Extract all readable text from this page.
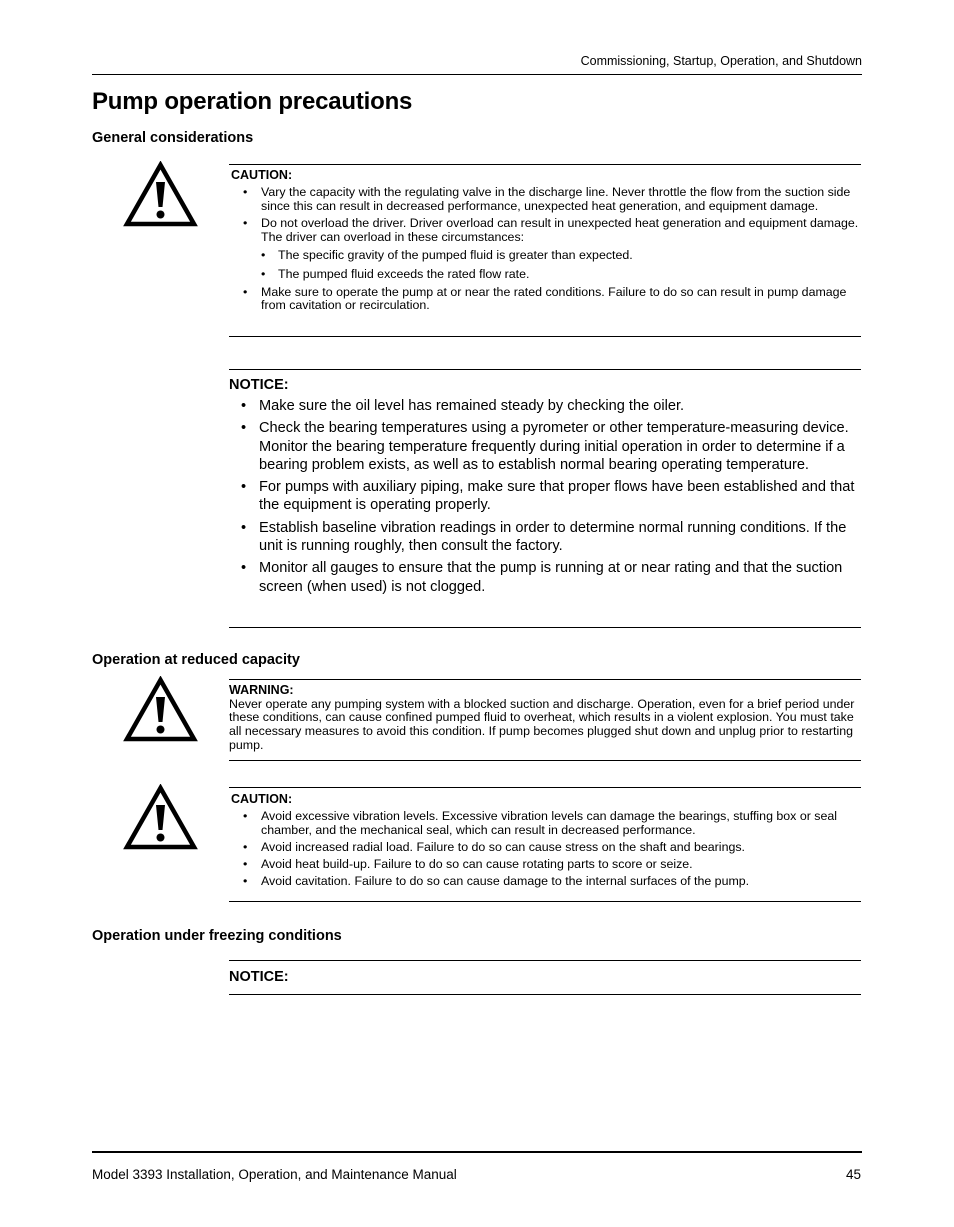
Commissioning, Startup, Operation, and Shutdown
Pump operation precautions
General considerations
CAUTION:
• Vary the capacity with the regulating valve in the discharge line. Never throttle the flow from the suction side since this can result in decreased performance, unexpected heat generation, and equipment damage.
• Do not overload the driver. Driver overload can result in unexpected heat generation and equipment damage. The driver can overload in these circumstances:
• The specific gravity of the pumped fluid is greater than expected.
• The pumped fluid exceeds the rated flow rate.
• Make sure to operate the pump at or near the rated conditions. Failure to do so can result in pump damage from cavitation or recirculation.
NOTICE:
• Make sure the oil level has remained steady by checking the oiler.
• Check the bearing temperatures using a pyrometer or other temperature-measuring device. Monitor the bearing temperature frequently during initial operation in order to determine if a bearing problem exists, as well as to establish normal bearing operating temperature.
• For pumps with auxiliary piping, make sure that proper flows have been established and that the equipment is operating properly.
• Establish baseline vibration readings in order to determine normal running conditions. If the unit is running roughly, then consult the factory.
• Monitor all gauges to ensure that the pump is running at or near rating and that the suction screen (when used) is not clogged.
Operation at reduced capacity
WARNING:
Never operate any pumping system with a blocked suction and discharge. Operation, even for a brief period under these conditions, can cause confined pumped fluid to overheat, which results in a violent explosion. You must take all necessary measures to avoid this condition. If pump becomes plugged shut down and unplug prior to restarting pump.
CAUTION:
• Avoid excessive vibration levels. Excessive vibration levels can damage the bearings, stuffing box or seal chamber, and the mechanical seal, which can result in decreased performance.
• Avoid increased radial load. Failure to do so can cause stress on the shaft and bearings.
• Avoid heat build-up. Failure to do so can cause rotating parts to score or seize.
• Avoid cavitation. Failure to do so can cause damage to the internal surfaces of the pump.
Operation under freezing conditions
NOTICE:
Model 3393 Installation, Operation, and Maintenance Manual	45
